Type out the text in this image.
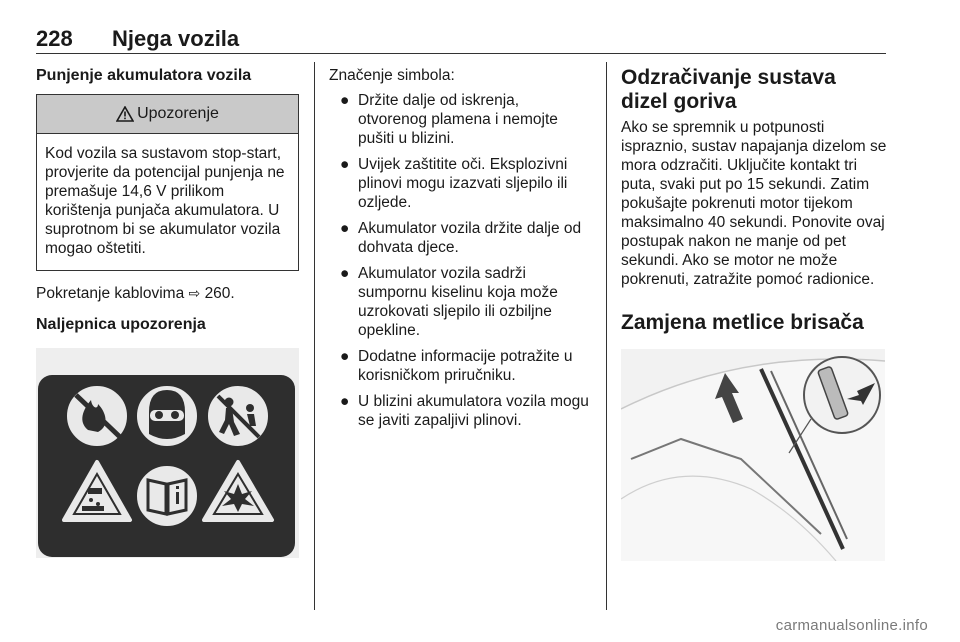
228 Njega vozila
Punjenje akumulatora vozila
Upozorenje
Kod vozila sa sustavom stop-start, provjerite da potencijal punjenja ne premašuje 14,6 V prilikom korištenja punjača akumulatora. U suprotnom bi se akumulator vozila mogao oštetiti.

Pokretanje kablovima ⇨ 260.

Naljepnica upozorenja

Značenje simbola:

● Držite dalje od iskrenja, otvorenog plamena i nemojte pušiti u blizini.
● Uvijek zaštitite oči. Eksplozivni plinovi mogu izazvati sljepilo ili ozljede.
● Akumulator vozila držite dalje od dohvata djece.
● Akumulator vozila sadrži sumpornu kiselinu koja može uzrokovati sljepilo ili ozbiljne opekline.
● Dodatne informacije potražite u korisničkom priručniku.
● U blizini akumulatora vozila mogu se javiti zapaljivi plinovi.
Odzračivanje sustava dizel goriva

Ako se spremnik u potpunosti ispraznio, sustav napajanja dizelom se mora odzračiti. Uključite kontakt tri puta, svaki put po 15 sekundi. Zatim pokušajte pokrenuti motor tijekom maksimalno 40 sekundi. Ponovite ovaj postupak nakon ne manje od pet sekundi. Ako se motor ne može pokrenuti, zatražite pomoć radionice.

Zamjena metlice brisača
carmanualsonline.info
